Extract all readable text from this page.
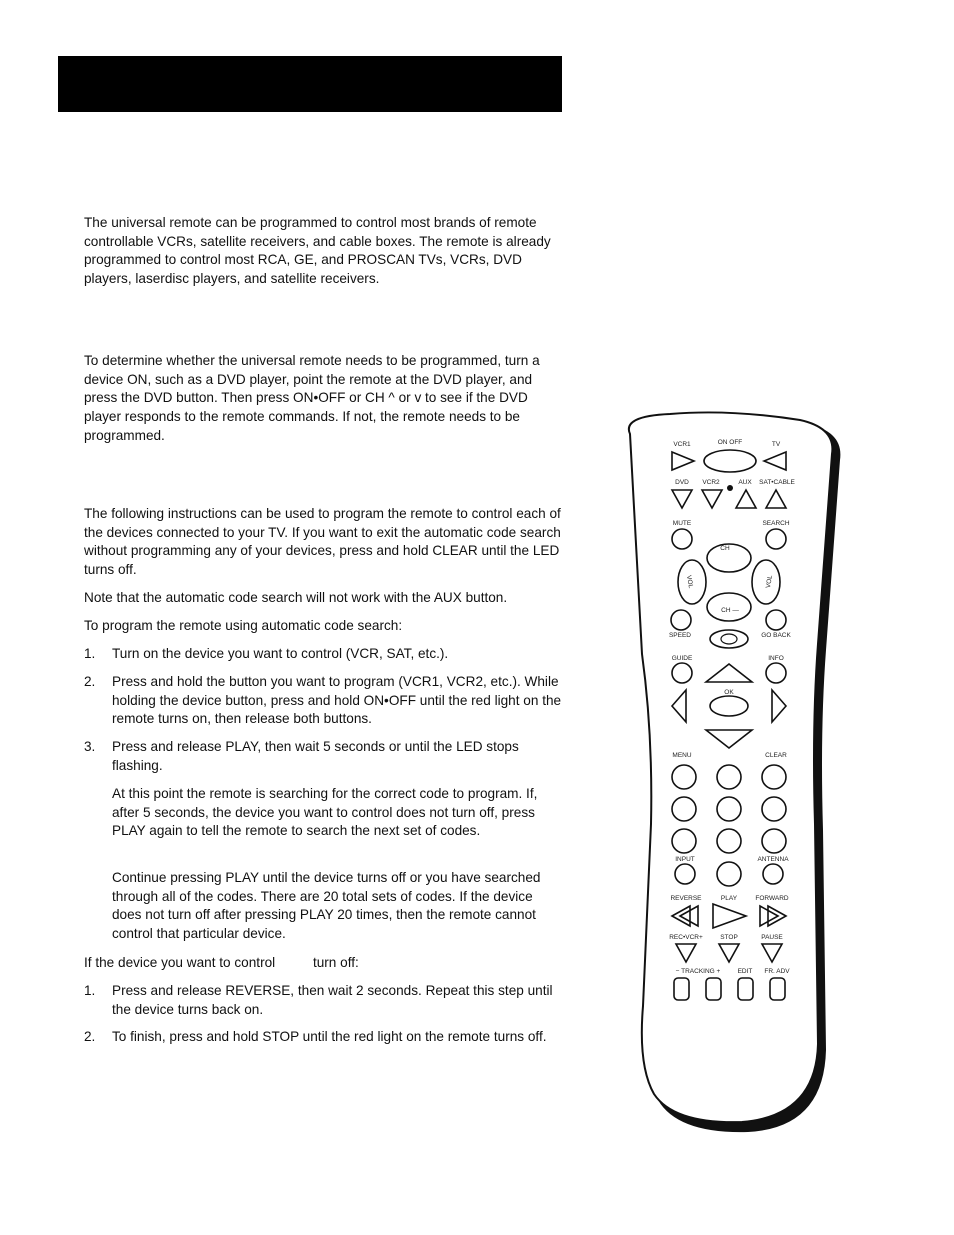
The universal remote can be programmed to control most brands of remote controllable VCRs, satellite receivers, and cable boxes. The remote is already programmed to control most RCA, GE, and PROSCAN TVs, VCRs, DVD players, laserdisc players, and satellite receivers.

To determine whether the universal remote needs to be programmed, turn a device ON, such as a DVD player, point the remote at the DVD player, and press the DVD button. Then press ON•OFF or CH ^ or v to see if the DVD player responds to the remote commands. If not, the remote needs to be programmed.

The following instructions can be used to program the remote to control each of the devices connected to your TV. If you want to exit the automatic code search without programming any of your devices, press and hold CLEAR until the LED turns off.

Note that the automatic code search will not work with the AUX button.

To program the remote using automatic code search:

1. Turn on the device you want to control (VCR, SAT, etc.).
2. Press and hold the button you want to program (VCR1, VCR2, etc.). While holding the device button, press and hold ON•OFF until the red light on the remote turns on, then release both buttons.
3. Press and release PLAY, then wait 5 seconds or until the LED stops flashing.

At this point the remote is searching for the correct code to program. If, after 5 seconds, the device you want to control does not turn off, press PLAY again to tell the remote to search the next set of codes.

Continue pressing PLAY until the device turns off or you have searched through all of the codes. There are 20 total sets of codes. If the device does not turn off after pressing PLAY 20 times, then the remote cannot control that particular device.

If the device you want to control          turn off:

1. Press and release REVERSE, then wait 2 seconds. Repeat this step until the device turns back on.
2. To finish, press and hold STOP until the red light on the remote turns off.
VCR1	ON OFF	TV
DVD VCR2	AUX SAT•CABLE
MUTE	SEARCH
CH
CH —
VOL	VOL
SPEED	GO BACK
GUIDE	INFO
OK
MENU	CLEAR
INPUT	ANTENNA
REVERSE	PLAY	FORWARD
REC•VCR+	STOP	PAUSE
− TRACKING +	EDIT FR. ADV
